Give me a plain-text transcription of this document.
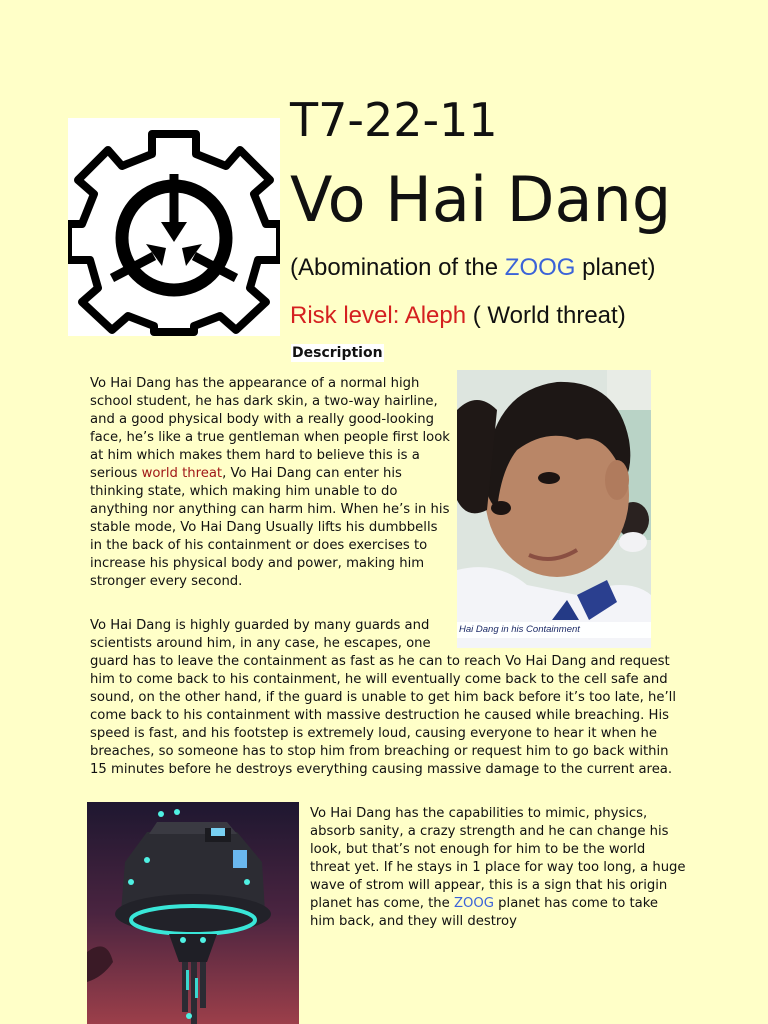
T7-22-11
Vo Hai Dang
(Abomination of the ZOOG planet)
Risk level: Aleph ( World threat)
Description

Vo Hai Dang has the appearance of a normal high school student, he has dark skin, a two-way hairline, and a good physical body with a really good-looking face, he’s like a true gentleman when people first look at him which makes them hard to believe this is a serious world threat, Vo Hai Dang can enter his thinking state, which making him unable to do anything nor anything can harm him. When he’s in his stable mode, Vo Hai Dang Usually lifts his dumbbells in the back of his containment or does exercises to increase his physical body and power, making him stronger every second.

Vo Hai Dang is highly guarded by many guards and scientists around him, in any case, he escapes, one guard has to leave the containment as fast as he can to reach Vo Hai Dang and request him to come back to his containment, he will eventually come back to the cell safe and sound, on the other hand, if the guard is unable to get him back before it’s too late, he’ll come back to his containment with massive destruction he caused while breaching. His speed is fast, and his footstep is extremely loud, causing everyone to hear it when he breaches, so someone has to stop him from breaching or request him to go back within 15 minutes before he destroys everything causing massive damage to the current area.

Vo Hai Dang has the capabilities to mimic, physics, absorb sanity, a crazy strength and he can change his look, but that’s not enough for him to be the world threat yet. If he stays in 1 place for way too long, a huge wave of strom will appear, this is a sign that his origin planet has come, the ZOOG planet has come to take him back, and they will destroy

Hai Dang in his Containment
